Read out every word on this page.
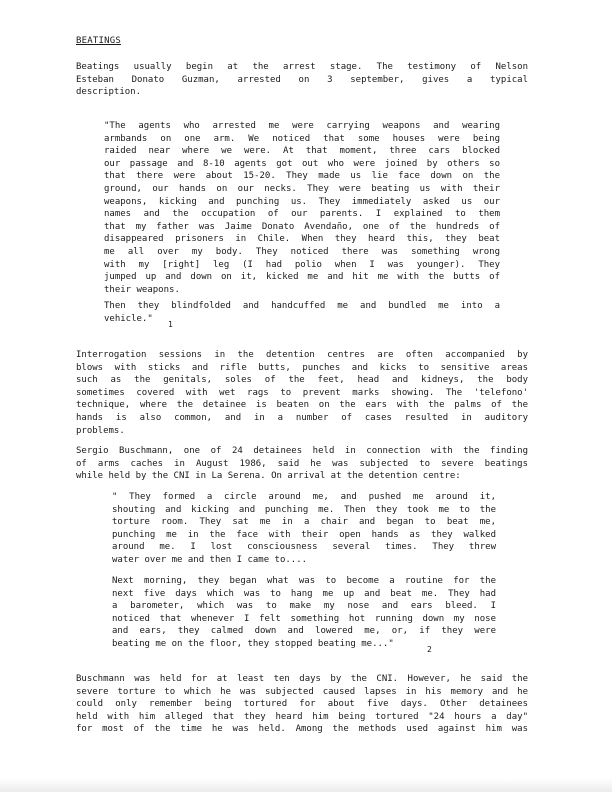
BEATINGS
Beatings usually begin at the arrest stage. The testimony of Nelson
Esteban Donato Guzman, arrested on 3 september, gives a typical
description.
"The agents who arrested me were carrying weapons and wearing
armbands on one arm. We noticed that some houses were being
raided near where we were. At that moment, three cars blocked
our passage and 8-10 agents got out who were joined by others so
that there were about 15-20. They made us lie face down on the
ground, our hands on our necks. They were beating us with their
weapons, kicking and punching us. They immediately asked us our
names and the occupation of our parents. I explained to them
that my father was Jaime Donato Avendaño, one of the hundreds of
disappeared prisoners in Chile. When they heard this, they beat
me all over my body. They noticed there was something wrong
with my [right] leg (I had polio when I was younger). They
jumped up and down on it, kicked me and hit me with the butts of
their weapons.
Then they blindfolded and handcuffed me and bundled me into a
vehicle."
1
Interrogation sessions in the detention centres are often accompanied by
blows with sticks and rifle butts, punches and kicks to sensitive areas
such as the genitals, soles of the feet, head and kidneys, the body
sometimes covered with wet rags to prevent marks showing. The 'telefono'
technique, where the detainee is beaten on the ears with the palms of the
hands is also common, and in a number of cases resulted in auditory
problems.
Sergio Buschmann, one of 24 detainees held in connection with the finding
of arms caches in August 1986, said he was subjected to severe beatings
while held by the CNI in La Serena. On arrival at the detention centre:
" They formed a circle around me, and pushed me around it,
shouting and kicking and punching me. Then they took me to the
torture room. They sat me in a chair and began to beat me,
punching me in the face with their open hands as they walked
around me. I lost consciousness several times. They threw
water over me and then I came to....
Next morning, they began what was to become a routine for the
next five days which was to hang me up and beat me. They had
a barometer, which was to make my nose and ears bleed. I
noticed that whenever I felt something hot running down my nose
and ears, they calmed down and lowered me, or, if they were
beating me on the floor, they stopped beating me..."
2
Buschmann was held for at least ten days by the CNI. However, he said the
severe torture to which he was subjected caused lapses in his memory and he
could only remember being tortured for about five days. Other detainees
held with him alleged that they heard him being tortured "24 hours a day"
for most of the time he was held. Among the methods used against him was
